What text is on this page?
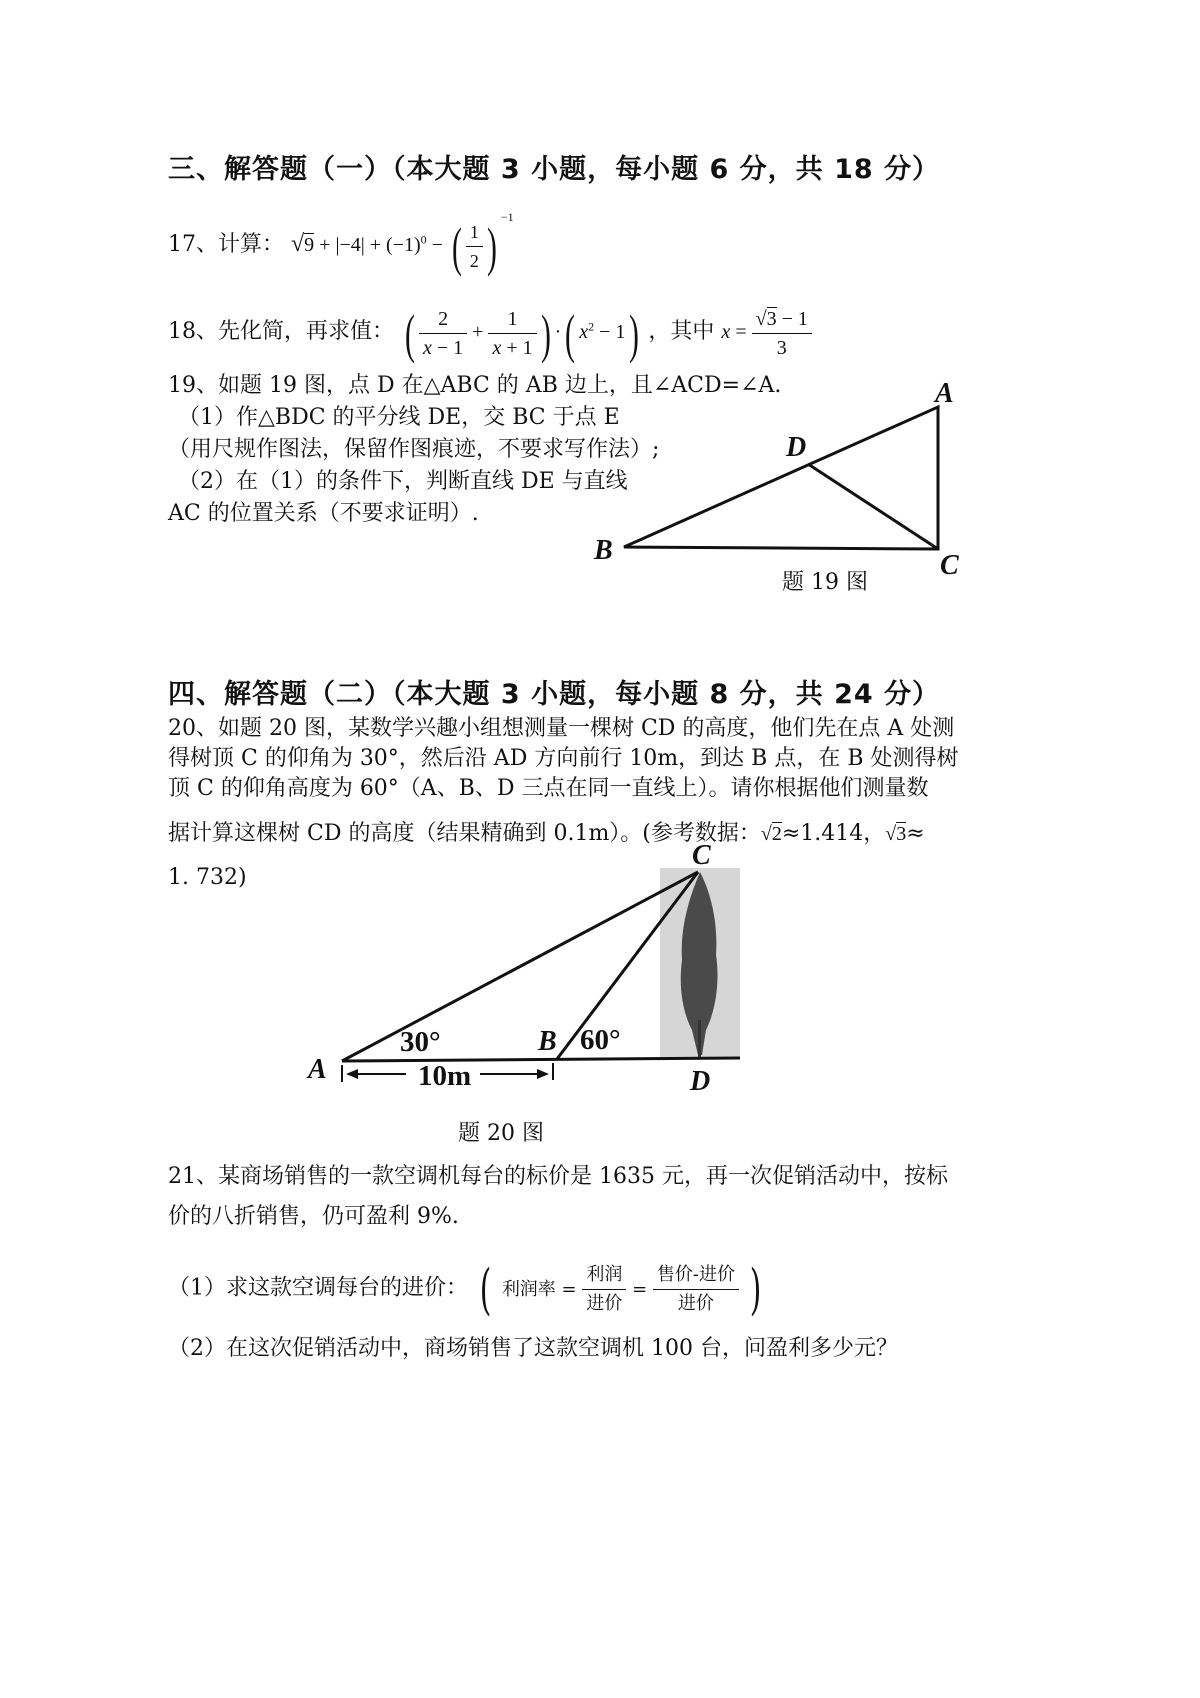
三、解答题（一）（本大题 3 小题，每小题 6 分，共 18 分）
17、计算： $√9 + |-4| + (-1)^0$ − ( $\frac{1}{2}$ ) $^{-1}$
18、先化简，再求值： ( $\frac{2}{x - 1} + \frac{1}{x + 1}$ ) ·( $x^2 - 1$) ，其中 $x = \frac{√3 - 1}{3}$
19、如题 19 图，点 D 在△ABC 的 AB 边上，且∠ACD=∠A.
（1）作△BDC 的平分线 DE，交 BC 于点 E
（用尺规作图法，保留作图痕迹，不要求写作法）;
（2）在（1）的条件下，判断直线 DE 与直线
AC 的位置关系（不要求证明）.
A
B	C
D
题 19 图
四、解答题（二）（本大题 3 小题，每小题 8 分，共 24 分）
20、如题 20 图，某数学兴趣小组想测量一棵树 CD 的高度，他们先在点 A 处测
得树顶 C 的仰角为 30°，然后沿 AD 方向前行 10m，到达 B 点，在 B 处测得树
顶 C 的仰角高度为 60°（A、B、D 三点在同一直线上）。请你根据他们测量数
据计算这棵树 CD 的高度（结果精确到 0.1m）。(参考数据：√2≈1.414，√3≈
1. 732)
C
A
B
D
30°	60°
10m
题 20 图
21、某商场销售的一款空调机每台的标价是 1635 元，再一次促销活动中，按标
价的八折销售，仍可盈利 9%.
（1）求这款空调每台的进价： ( 利润率 = $\frac{\text{利润}}{\text{进价}} = \frac{\text{售价-进价}}{\text{进价}}$ )
（2）在这次促销活动中，商场销售了这款空调机 100 台，问盈利多少元？
